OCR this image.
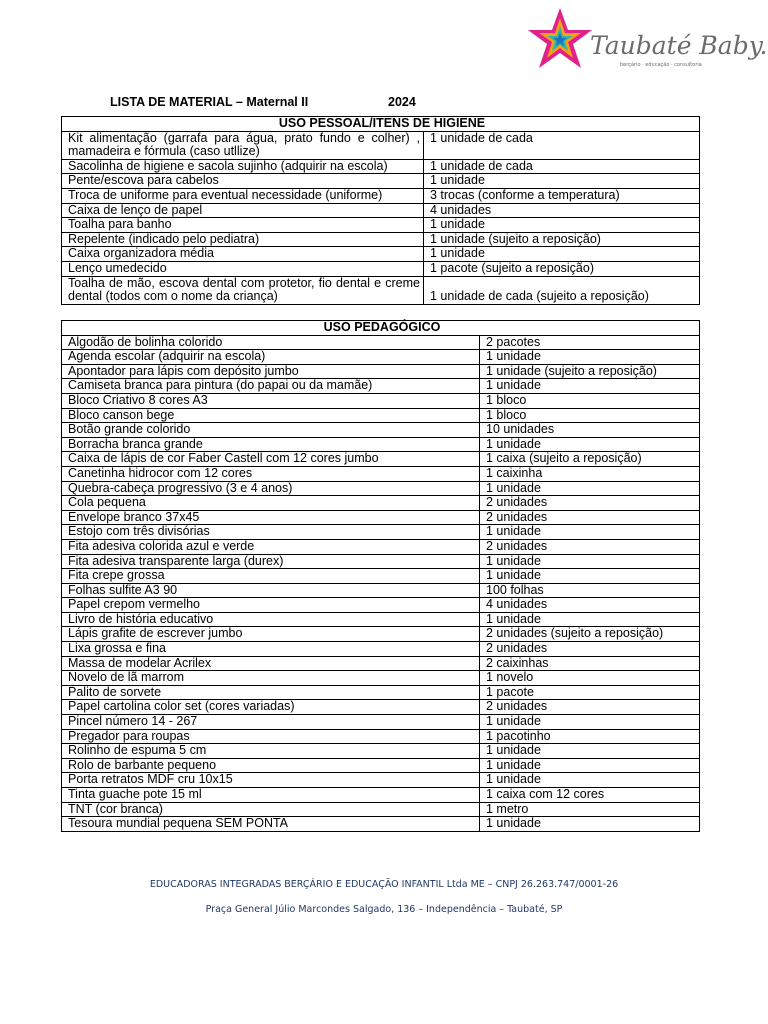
Taubaté Baby.
berçário · educação · consultoria
LISTA DE MATERIAL – Maternal II	2024
USO PESSOAL/ITENS DE HIGIENE	
Kit alimentação (garrafa para água, prato fundo e colher) , mamadeira e fórmula (caso utllize)	1 unidade de cada
Sacolinha de higiene e sacola sujinho (adquirir na escola)	1 unidade de cada
Pente/escova para cabelos	1 unidade
Troca de uniforme para eventual necessidade (uniforme)	3 trocas (conforme a temperatura)
Caixa de lenço de papel	4 unidades
Toalha para banho	1 unidade
Repelente (indicado pelo pediatra)	1 unidade (sujeito a reposição)
Caixa organizadora média	1 unidade
Lenço umedecido	1 pacote (sujeito a reposição)
Toalha de mão, escova dental com protetor, fio dental e creme dental (todos com o nome da criança)	1 unidade de cada (sujeito a reposição)
USO PEDAGÓGICO	
Algodão de bolinha colorido	2 pacotes
Agenda escolar (adquirir na escola)	1 unidade
Apontador para lápis com depósito jumbo	1 unidade (sujeito a reposição)
Camiseta branca para pintura (do papai ou da mamãe)	1 unidade
Bloco Criativo 8 cores A3	1 bloco
Bloco canson bege	1 bloco
Botão grande colorido	10 unidades
Borracha branca grande	1 unidade
Caixa de lápis de cor Faber Castell com 12 cores jumbo	1 caixa (sujeito a reposição)
Canetinha hidrocor com 12 cores	1 caixinha
Quebra-cabeça progressivo (3 e 4 anos)	1 unidade
Cola pequena	2 unidades
Envelope branco 37x45	2 unidades
Estojo com três divisórias	1 unidade
Fita adesiva colorida azul e verde	2 unidades
Fita adesiva transparente larga (durex)	1 unidade
Fita crepe grossa	1 unidade
Folhas sulfite A3 90	100 folhas
Papel crepom vermelho	4 unidades
Livro de história educativo	1 unidade
Lápis grafite de escrever jumbo	2 unidades (sujeito a reposição)
Lixa grossa e fina	2 unidades
Massa de modelar Acrilex	2 caixinhas
Novelo de lã marrom	1 novelo
Palito de sorvete	1 pacote
Papel cartolina color set (cores variadas)	2 unidades
Pincel número 14 - 267	1 unidade
Pregador para roupas	1 pacotinho
Rolinho de espuma 5 cm	1 unidade
Rolo de barbante pequeno	1 unidade
Porta retratos MDF cru 10x15	1 unidade
Tinta guache pote 15 ml	1 caixa com 12 cores
TNT (cor branca)	1 metro
Tesoura mundial pequena SEM PONTA	1 unidade
EDUCADORAS INTEGRADAS BERÇÁRIO E EDUCAÇÃO INFANTIL Ltda ME – CNPJ 26.263.747/0001-26
Praça General Júlio Marcondes Salgado, 136 – Independência – Taubaté, SP
